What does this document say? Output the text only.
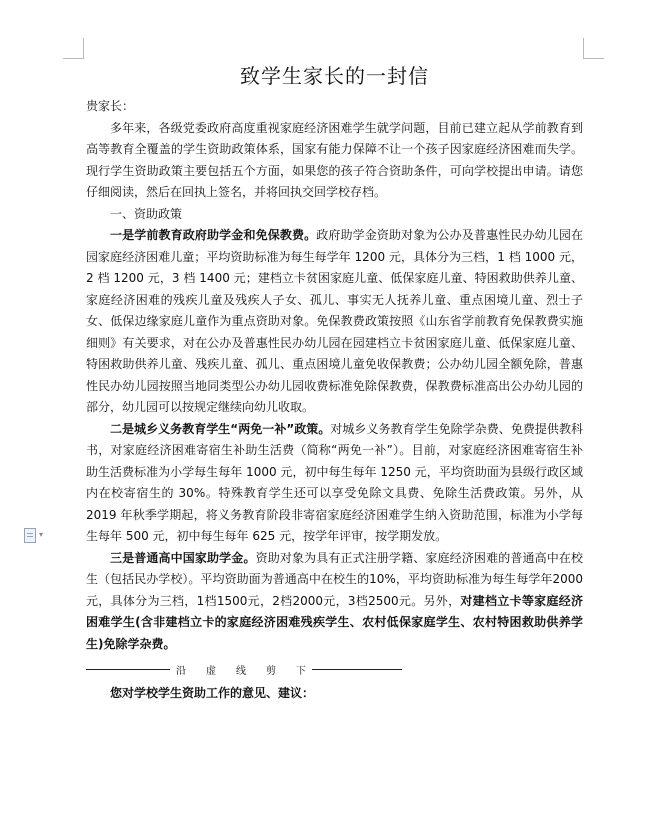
▾
致学生家长的一封信

贵家长：

多年来，各级党委政府高度重视家庭经济困难学生就学问题，目前已建立起从学前教育到高等教育全覆盖的学生资助政策体系，国家有能力保障不让一个孩子因家庭经济困难而失学。现行学生资助政策主要包括五个方面，如果您的孩子符合资助条件，可向学校提出申请。请您仔细阅读，然后在回执上签名，并将回执交回学校存档。

一、资助政策

一是学前教育政府助学金和免保教费。政府助学金资助对象为公办及普惠性民办幼儿园在园家庭经济困难儿童；平均资助标准为每生每学年 1200 元，具体分为三档，1 档 1000 元，2 档 1200 元，3 档 1400 元；建档立卡贫困家庭儿童、低保家庭儿童、特困救助供养儿童、家庭经济困难的残疾儿童及残疾人子女、孤儿、事实无人抚养儿童、重点困境儿童、烈士子女、低保边缘家庭儿童作为重点资助对象。免保教费政策按照《山东省学前教育免保教费实施细则》有关要求，对在公办及普惠性民办幼儿园在园建档立卡贫困家庭儿童、低保家庭儿童、特困救助供养儿童、残疾儿童、孤儿、重点困境儿童免收保教费；公办幼儿园全额免除，普惠性民办幼儿园按照当地同类型公办幼儿园收费标准免除保教费，保教费标准高出公办幼儿园的部分，幼儿园可以按规定继续向幼儿收取。

二是城乡义务教育学生“两免一补”政策。对城乡义务教育学生免除学杂费、免费提供教科书，对家庭经济困难寄宿生补助生活费（简称“两免一补”）。目前，对家庭经济困难寄宿生补助生活费标准为小学每生每年 1000 元，初中每生每年 1250 元，平均资助面为县级行政区域内在校寄宿生的 30%。特殊教育学生还可以享受免除文具费、免除生活费政策。另外，从 2019 年秋季学期起，将义务教育阶段非寄宿家庭经济困难学生纳入资助范围，标准为小学每生每年 500 元，初中每生每年 625 元，按学年评审，按学期发放。

三是普通高中国家助学金。资助对象为具有正式注册学籍、家庭经济困难的普通高中在校生（包括民办学校）。平均资助面为普通高中在校生的10%，平均资助标准为每生每学年2000元，具体分为三档，1档1500元，2档2000元，3档2500元。另外，对建档立卡等家庭经济困难学生(含非建档立卡的家庭经济困难残疾学生、农村低保家庭学生、农村特困救助供养学生)免除学杂费。

沿　　虚　　线　　剪　　下

您对学校学生资助工作的意见、建议：
